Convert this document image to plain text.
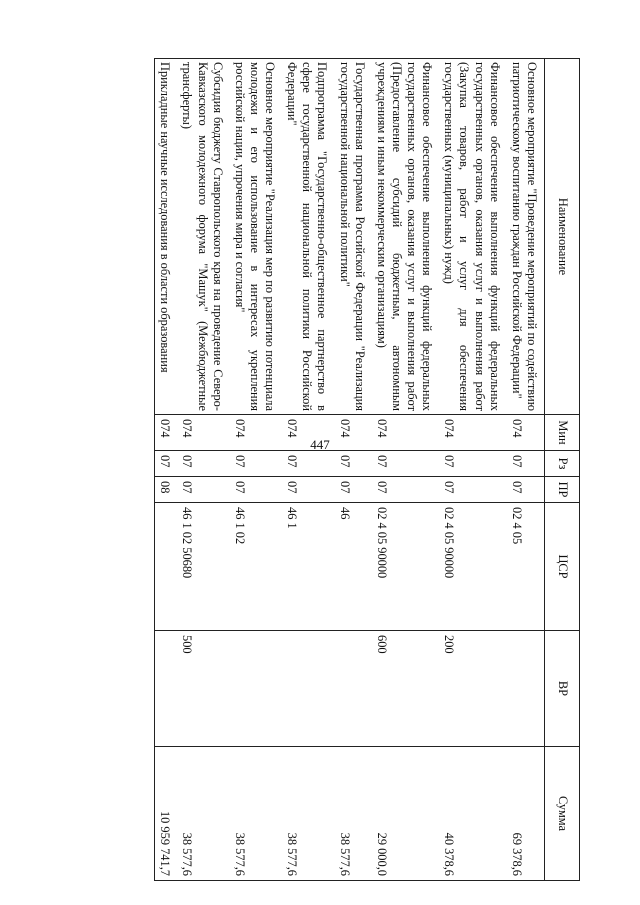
447
Наименование	Мин	Рз	ПР	ЦСР	ВР	Сумма
Основное мероприятие "Проведение мероприятий по содействию патриотическому воспитанию граждан Российской Федерации"	074	07	07	02 4 05		69 378,6
Финансовое обеспечение выполнения функций федеральных государственных органов, оказания услуг и выполнения работ (Закупка товаров, работ и услуг для обеспечения государственных (муниципальных) нужд)	074	07	07	02 4 05 90000	200	40 378,6
Финансовое обеспечение выполнения функций федеральных государственных органов, оказания услуг и выполнения работ (Предоставление субсидий бюджетным, автономным учреждениям и иным некоммерческим организациям)	074	07	07	02 4 05 90000	600	29 000,0
Государственная программа Российской Федерации "Реализация государственной национальной политики"	074	07	07	46		38 577,6
Подпрограмма "Государственно-общественное партнерство в сфере государственной национальной политики Российской Федерации"	074	07	07	46 1		38 577,6
Основное мероприятие "Реализация мер по развитию потенциала молодежи и его использование в интересах укрепления российской нации, упрочения мира и согласия"	074	07	07	46 1 02		38 577,6
Субсидия бюджету Ставропольского края на проведение Северо-Кавказского молодежного форума "Машук" (Межбюджетные трансферты)	074	07	07	46 1 02 50680	500	38 577,6
Прикладные научные исследования в области образования	074	07	08			10 959 741,7
